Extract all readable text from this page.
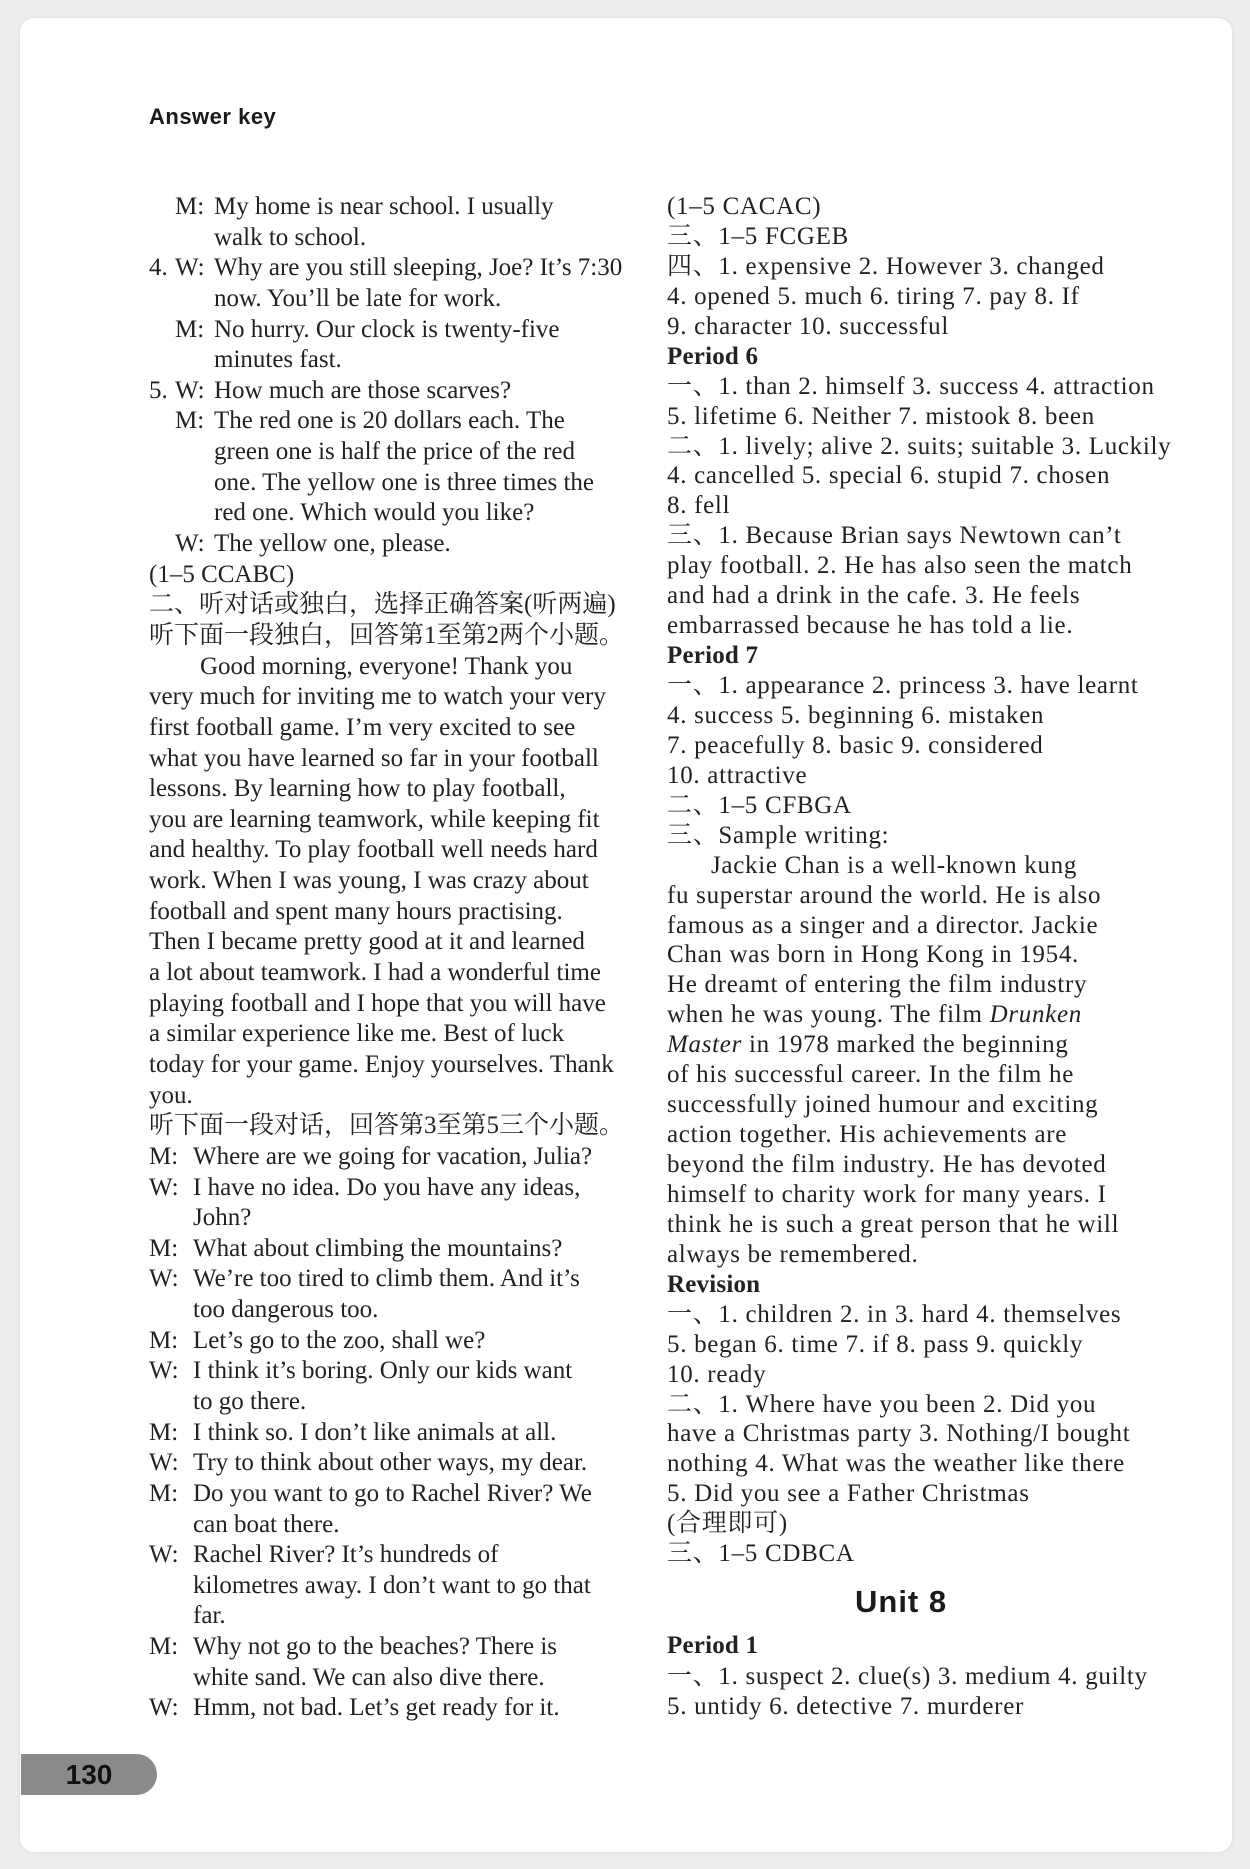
Answer key
M: My home is near school. I usually
walk to school.
4. W: Why are you still sleeping, Joe? It’s 7:30
now. You’ll be late for work.
M: No hurry. Our clock is twenty-five
minutes fast.
5. W: How much are those scarves?
M: The red one is 20 dollars each. The
green one is half the price of the red
one. The yellow one is three times the
red one. Which would you like?
W: The yellow one, please.
(1–5 CCABC)
二、听对话或独白，选择正确答案(听两遍)
听下面一段独白，回答第1至第2两个小题。
Good morning, everyone! Thank you
very much for inviting me to watch your very
first football game. I’m very excited to see
what you have learned so far in your football
lessons. By learning how to play football,
you are learning teamwork, while keeping fit
and healthy. To play football well needs hard
work. When I was young, I was crazy about
football and spent many hours practising.
Then I became pretty good at it and learned
a lot about teamwork. I had a wonderful time
playing football and I hope that you will have
a similar experience like me. Best of luck
today for your game. Enjoy yourselves. Thank
you.
听下面一段对话，回答第3至第5三个小题。
M: Where are we going for vacation, Julia?
W: I have no idea. Do you have any ideas,
John?
M: What about climbing the mountains?
W: We’re too tired to climb them. And it’s
too dangerous too.
M: Let’s go to the zoo, shall we?
W: I think it’s boring. Only our kids want
to go there.
M: I think so. I don’t like animals at all.
W: Try to think about other ways, my dear.
M: Do you want to go to Rachel River? We
can boat there.
W: Rachel River? It’s hundreds of
kilometres away. I don’t want to go that
far.
M: Why not go to the beaches? There is
white sand. We can also dive there.
W: Hmm, not bad. Let’s get ready for it.
(1–5 CACAC)
三、1–5 FCGEB
四、1. expensive 2. However 3. changed
4. opened 5. much 6. tiring 7. pay 8. If
9. character 10. successful
Period 6
一、1. than 2. himself 3. success 4. attraction
5. lifetime 6. Neither 7. mistook 8. been
二、1. lively; alive 2. suits; suitable 3. Luckily
4. cancelled 5. special 6. stupid 7. chosen
8. fell
三、1. Because Brian says Newtown can’t
play football. 2. He has also seen the match
and had a drink in the cafe. 3. He feels
embarrassed because he has told a lie.
Period 7
一、1. appearance 2. princess 3. have learnt
4. success 5. beginning 6. mistaken
7. peacefully 8. basic 9. considered
10. attractive
二、1–5 CFBGA
三、Sample writing:
Jackie Chan is a well-known kung
fu superstar around the world. He is also
famous as a singer and a director. Jackie
Chan was born in Hong Kong in 1954.
He dreamt of entering the film industry
when he was young. The film Drunken
Master in 1978 marked the beginning
of his successful career. In the film he
successfully joined humour and exciting
action together. His achievements are
beyond the film industry. He has devoted
himself to charity work for many years. I
think he is such a great person that he will
always be remembered.
Revision
一、1. children 2. in 3. hard 4. themselves
5. began 6. time 7. if 8. pass 9. quickly
10. ready
二、1. Where have you been 2. Did you
have a Christmas party 3. Nothing/I bought
nothing 4. What was the weather like there
5. Did you see a Father Christmas
(合理即可)
三、1–5 CDBCA
Unit 8
Period 1
一、1. suspect 2. clue(s) 3. medium 4. guilty
5. untidy 6. detective 7. murderer
130
